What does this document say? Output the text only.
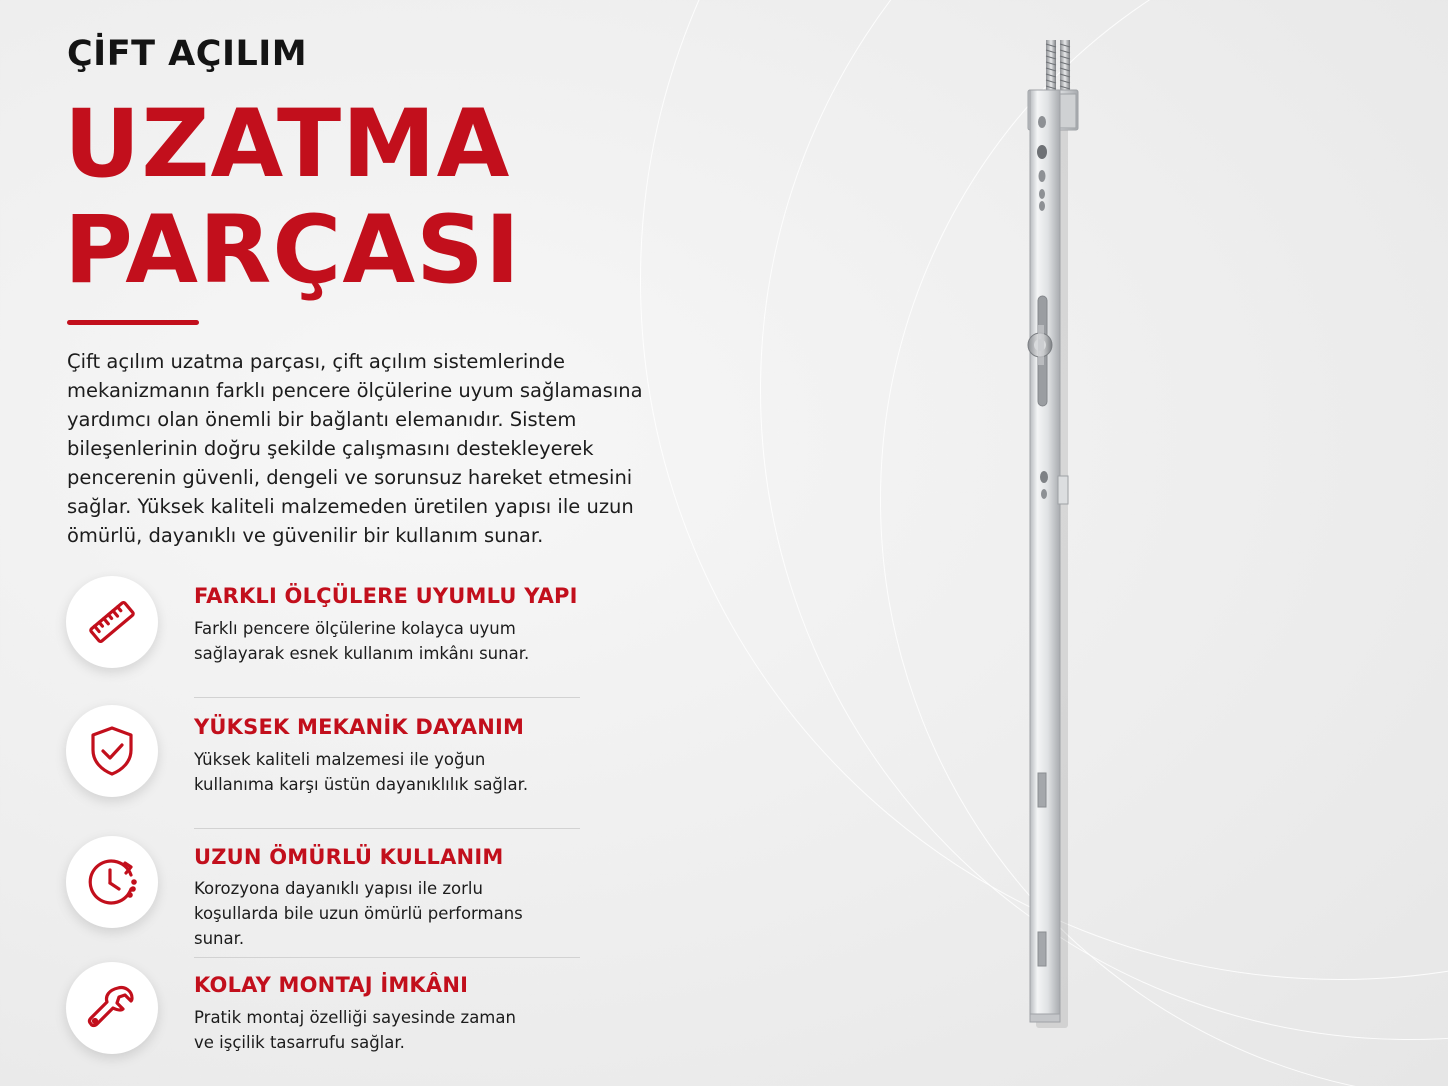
ÇİFT AÇILIM
UZATMA
PARÇASI

Çift açılım uzatma parçası, çift açılım sistemlerinde mekanizmanın farklı pencere ölçülerine uyum sağlamasına yardımcı olan önemli bir bağlantı elemanıdır. Sistem bileşenlerinin doğru şekilde çalışmasını destekleyerek pencerenin güvenli, dengeli ve sorunsuz hareket etmesini sağlar. Yüksek kaliteli malzemeden üretilen yapısı ile uzun ömürlü, dayanıklı ve güvenilir bir kullanım sunar.

FARKLI ÖLÇÜLERE UYUMLU YAPI
Farklı pencere ölçülerine kolayca uyum sağlayarak esnek kullanım imkânı sunar.
YÜKSEK MEKANİK DAYANIM
Yüksek kaliteli malzemesi ile yoğun kullanıma karşı üstün dayanıklılık sağlar.
UZUN ÖMÜRLÜ KULLANIM
Korozyona dayanıklı yapısı ile zorlu koşullarda bile uzun ömürlü performans sunar.
KOLAY MONTAJ İMKÂNI
Pratik montaj özelliği sayesinde zaman ve işçilik tasarrufu sağlar.
